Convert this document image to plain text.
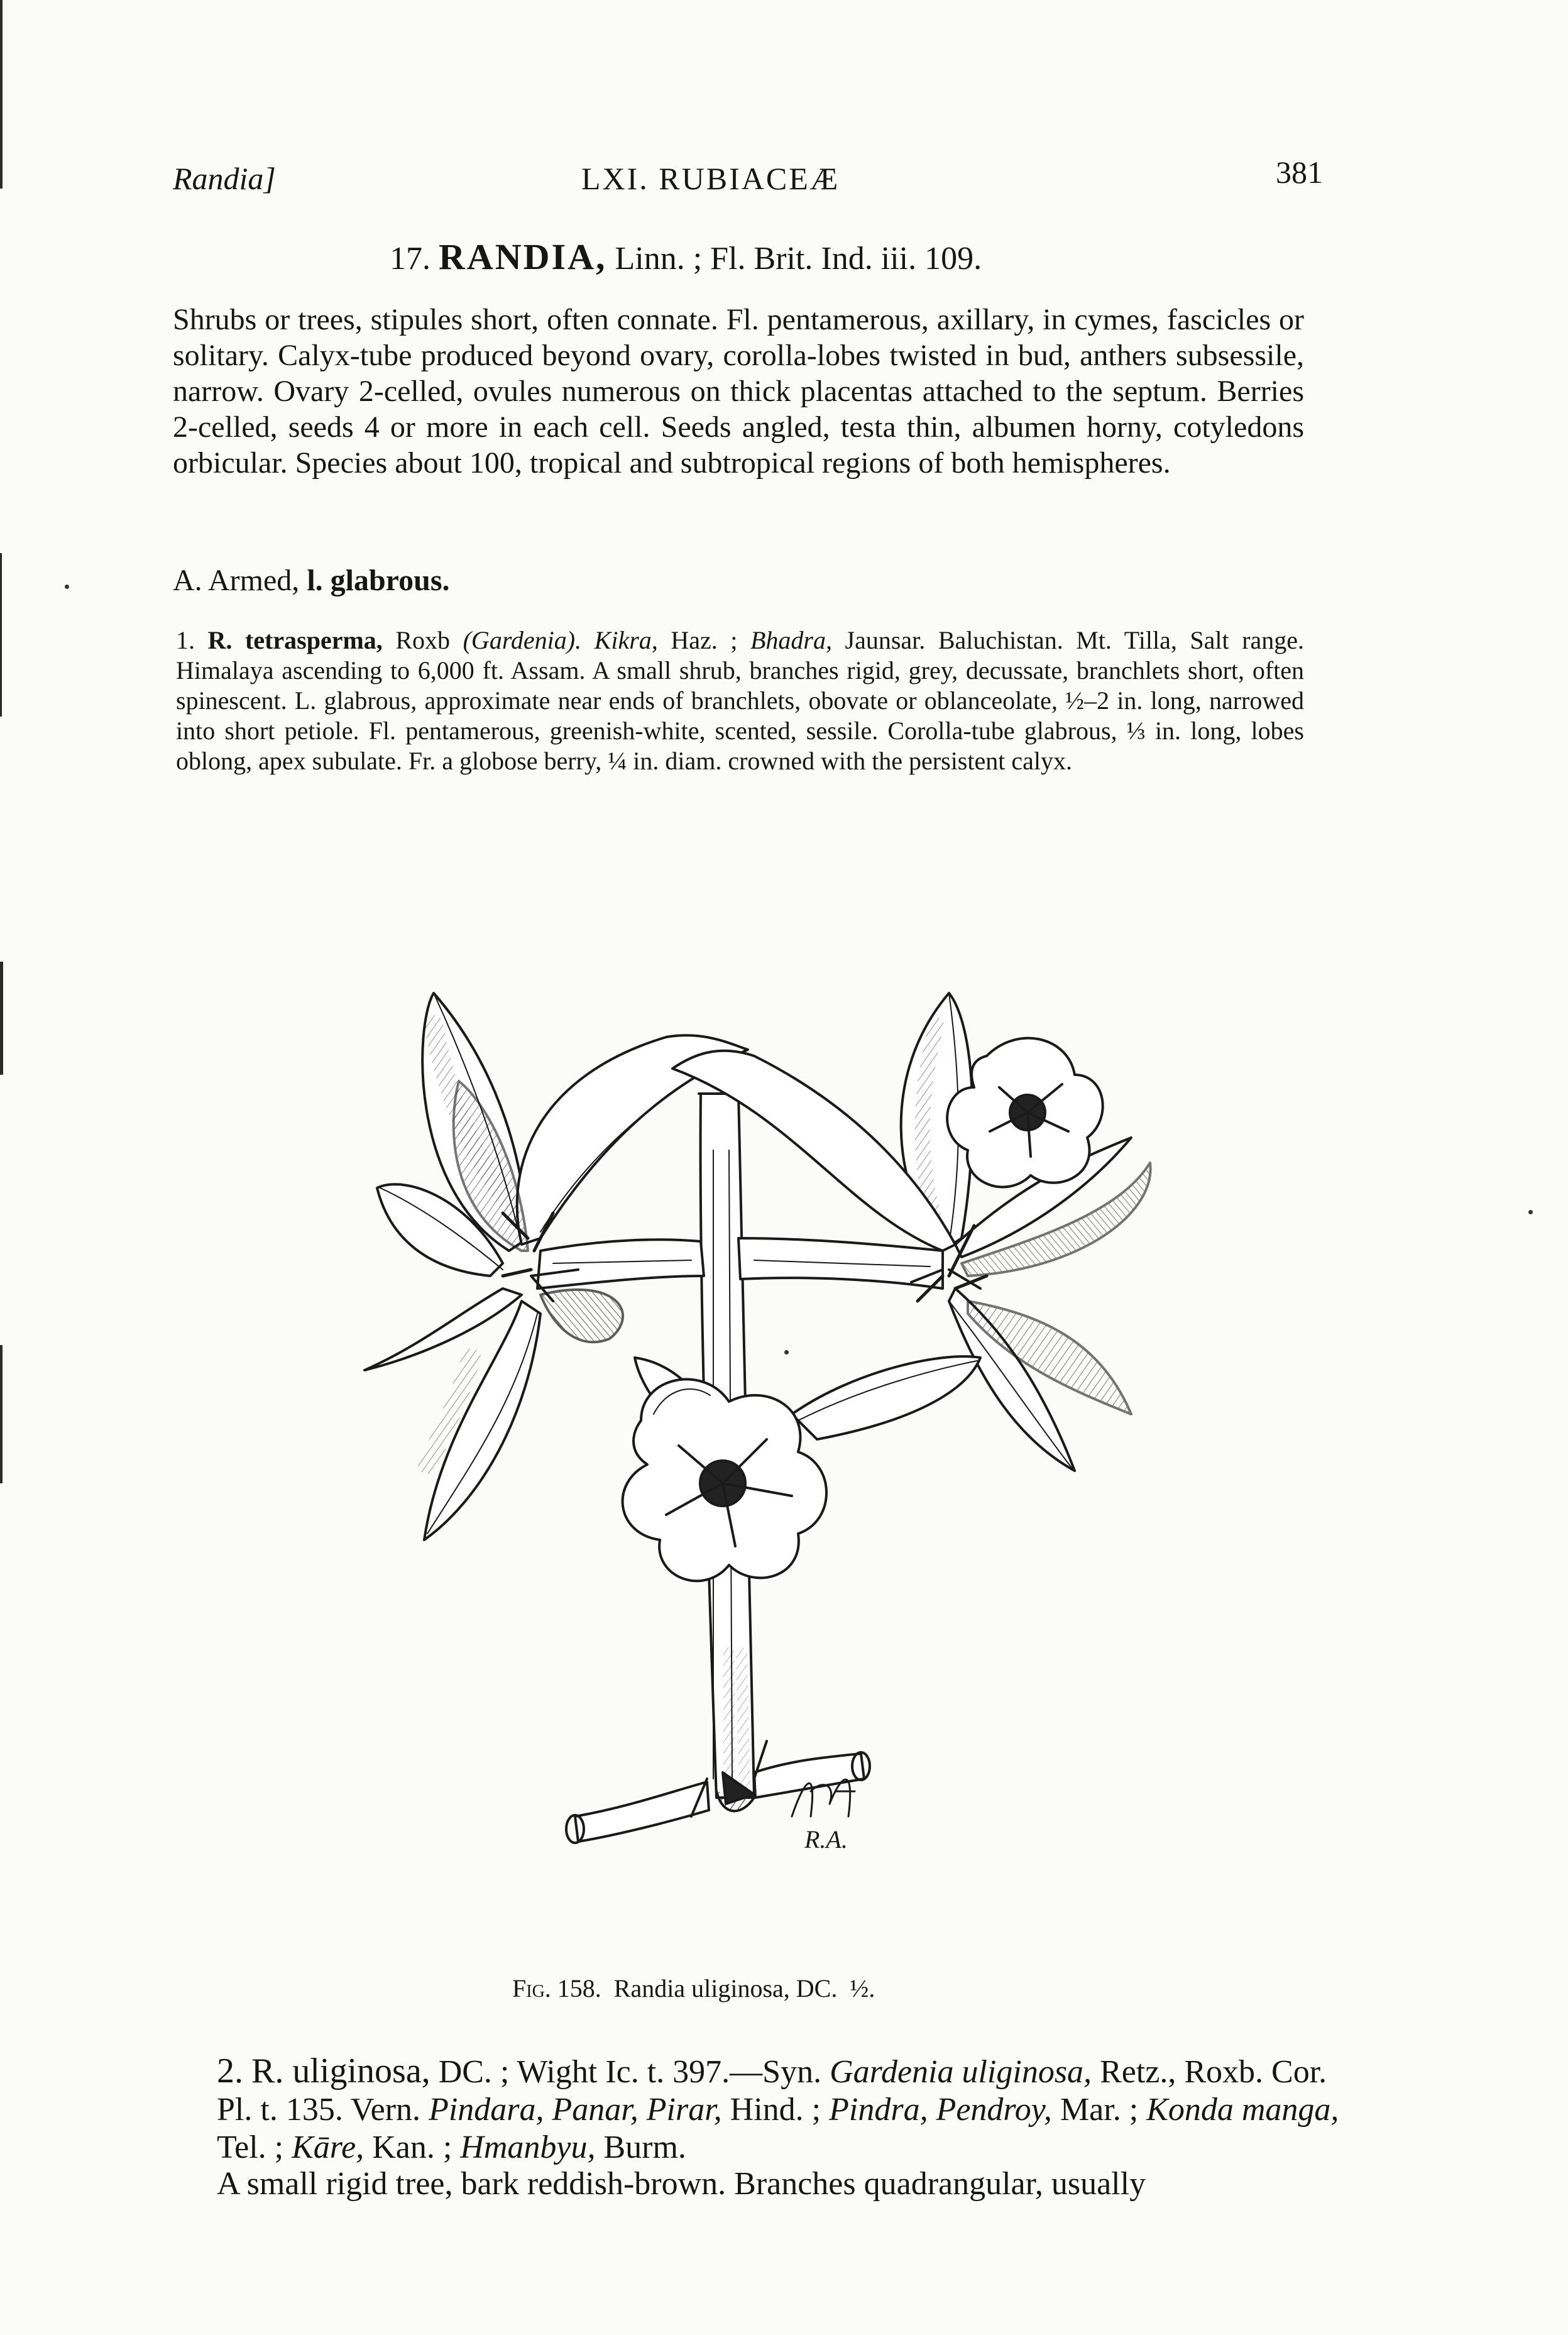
Randia]	LXI. RUBIACEÆ	381
17. RANDIA, Linn. ; Fl. Brit. Ind. iii. 109.
Shrubs or trees, stipules short, often connate. Fl. pentamerous, axillary, in cymes, fascicles or solitary. Calyx-tube produced beyond ovary, corolla-lobes twisted in bud, anthers subsessile, narrow. Ovary 2-celled, ovules numerous on thick placentas attached to the septum. Berries 2-celled, seeds 4 or more in each cell. Seeds angled, testa thin, albumen horny, cotyledons orbicular. Species about 100, tropical and subtropical regions of both hemispheres.
A. Armed, l. glabrous.
1. R. tetrasperma, Roxb (Gardenia). Kikra, Haz. ; Bhadra, Jaunsar. Baluchistan. Mt. Tilla, Salt range. Himalaya ascending to 6,000 ft. Assam. A small shrub, branches rigid, grey, decussate, branchlets short, often spinescent. L. glabrous, approximate near ends of branchlets, obovate or oblanceolate, ½–2 in. long, narrowed into short petiole. Fl. pentamerous, greenish-white, scented, sessile. Corolla-tube glabrous, ⅓ in. long, lobes oblong, apex subulate. Fr. a globose berry, ¼ in. diam. crowned with the persistent calyx.
R.A.
Fig. 158. Randia uliginosa, DC. ½.
2. R. uliginosa, DC. ; Wight Ic. t. 397.—Syn. Gardenia uliginosa, Retz., Roxb. Cor. Pl. t. 135. Vern. Pindara, Panar, Pirar, Hind. ; Pindra, Pendroy, Mar. ; Konda manga, Tel. ; Kāre, Kan. ; Hmanbyu, Burm.
A small rigid tree, bark reddish-brown. Branches quadrangular, usually
